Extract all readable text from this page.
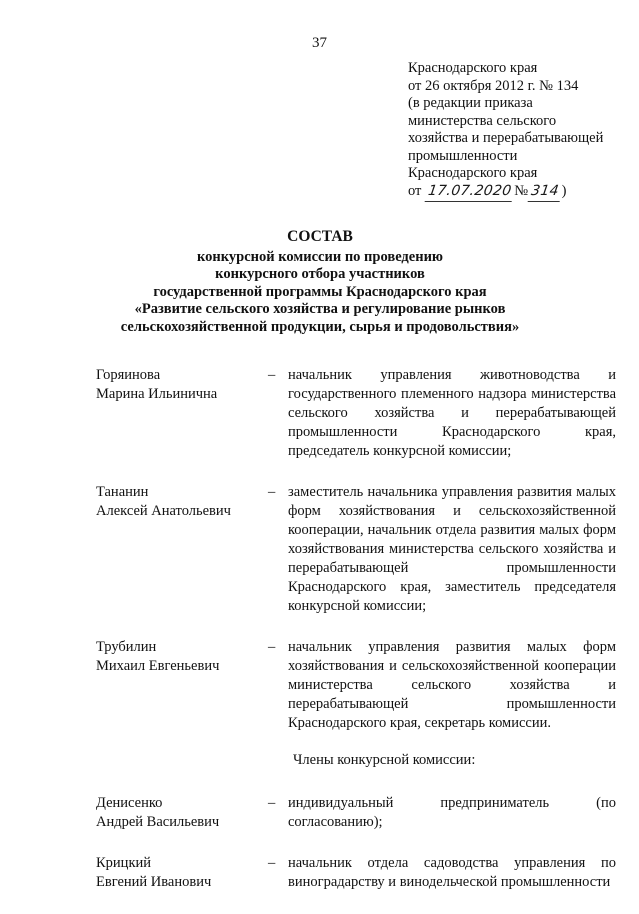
37
Краснодарского края
от 26 октября 2012 г. № 134
(в редакции приказа
министерства сельского
хозяйства и перерабатывающей
промышленности
Краснодарского края
от 17.07.2020 № 314 )
СОСТАВ
конкурсной комиссии по проведению
конкурсного отбора участников
государственной программы Краснодарского края
«Развитие сельского хозяйства и регулирование рынков
сельскохозяйственной продукции, сырья и продовольствия»
Горяинова
Марина Ильинична
– начальник управления животноводства и государственного племенного надзора министерства сельского хозяйства и перерабатывающей промышленности Краснодарского края, председатель конкурсной комиссии;
Тананин
Алексей Анатольевич
– заместитель начальника управления развития малых форм хозяйствования и сельскохозяйственной кооперации, начальник отдела развития малых форм хозяйствования министерства сельского хозяйства и перерабатывающей промышленности Краснодарского края, заместитель председателя конкурсной комиссии;
Трубилин
Михаил Евгеньевич
– начальник управления развития малых форм хозяйствования и сельскохозяйственной кооперации министерства сельского хозяйства и перерабатывающей промышленности Краснодарского края, секретарь комиссии.
Члены конкурсной комиссии:
Денисенко
Андрей Васильевич
– индивидуальный предприниматель (по согласованию);
Крицкий
Евгений Иванович
– начальник отдела садоводства управления по виноградарству и винодельческой промышленности
